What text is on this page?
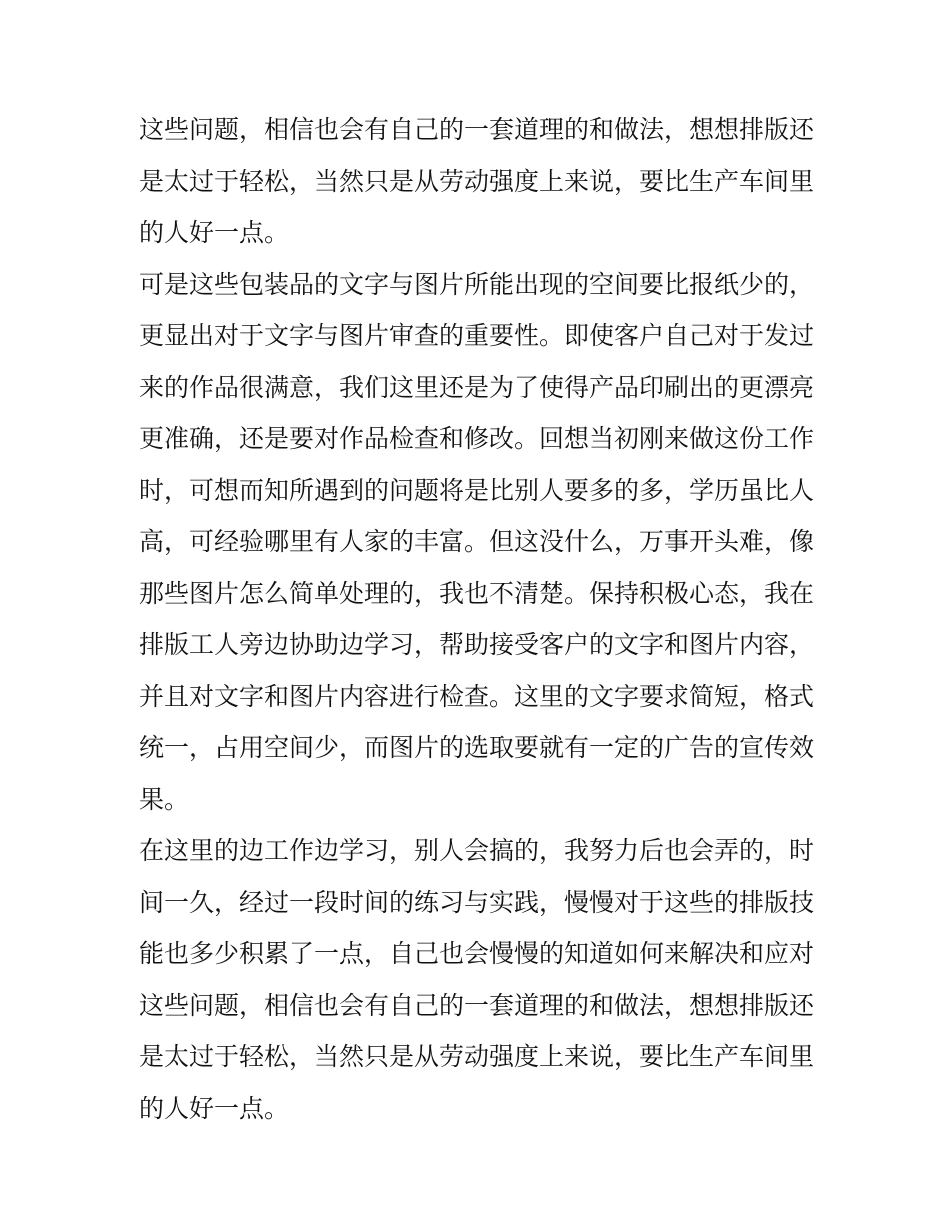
这些问题，相信也会有自己的一套道理的和做法，想想排版还
是太过于轻松，当然只是从劳动强度上来说，要比生产车间里
的人好一点。
可是这些包装品的文字与图片所能出现的空间要比报纸少的，
更显出对于文字与图片审查的重要性。即使客户自己对于发过
来的作品很满意，我们这里还是为了使得产品印刷出的更漂亮
更准确，还是要对作品检查和修改。回想当初刚来做这份工作
时，可想而知所遇到的问题将是比别人要多的多，学历虽比人
高，可经验哪里有人家的丰富。但这没什么，万事开头难，像
那些图片怎么简单处理的，我也不清楚。保持积极心态，我在
排版工人旁边协助边学习，帮助接受客户的文字和图片内容，
并且对文字和图片内容进行检查。这里的文字要求简短，格式
统一，占用空间少，而图片的选取要就有一定的广告的宣传效
果。
在这里的边工作边学习，别人会搞的，我努力后也会弄的，时
间一久，经过一段时间的练习与实践，慢慢对于这些的排版技
能也多少积累了一点，自己也会慢慢的知道如何来解决和应对
这些问题，相信也会有自己的一套道理的和做法，想想排版还
是太过于轻松，当然只是从劳动强度上来说，要比生产车间里
的人好一点。
